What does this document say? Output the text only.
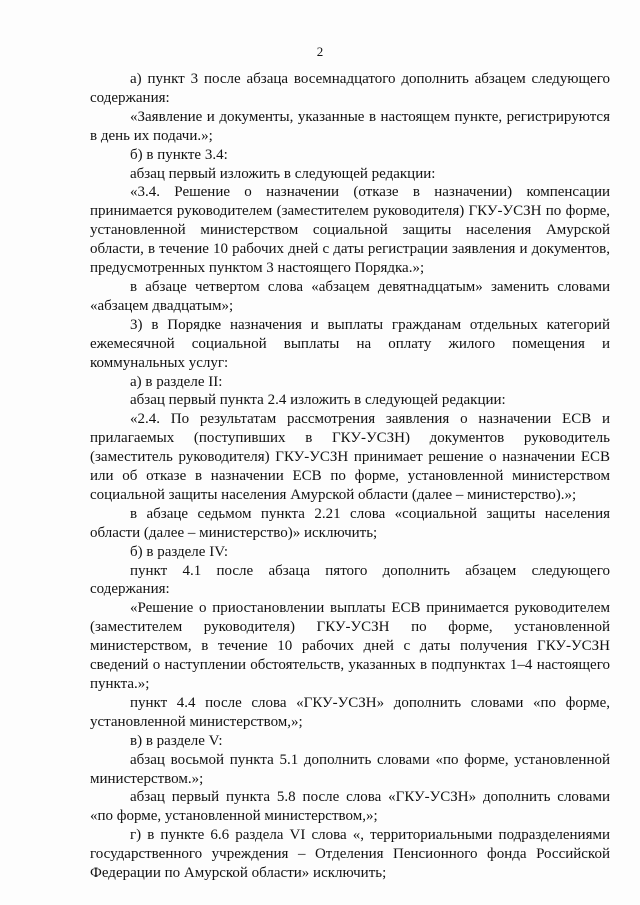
2

а) пункт 3 после абзаца восемнадцатого дополнить абзацем следующего содержания:

«Заявление и документы, указанные в настоящем пункте, регистрируются в день их подачи.»;

б) в пункте 3.4:

абзац первый изложить в следующей редакции:

«3.4. Решение о назначении (отказе в назначении) компенсации принимается руководителем (заместителем руководителя) ГКУ-УСЗН по форме, установленной министерством социальной защиты населения Амурской области, в течение 10 рабочих дней с даты регистрации заявления и документов, предусмотренных пунктом 3 настоящего Порядка.»;

в абзаце четвертом слова «абзацем девятнадцатым» заменить словами «абзацем двадцатым»;

3) в Порядке назначения и выплаты гражданам отдельных категорий ежемесячной социальной выплаты на оплату жилого помещения и коммунальных услуг:

а) в разделе II:

абзац первый пункта 2.4 изложить в следующей редакции:

«2.4. По результатам рассмотрения заявления о назначении ЕСВ и прилагаемых (поступивших в ГКУ-УСЗН) документов руководитель (заместитель руководителя) ГКУ-УСЗН принимает решение о назначении ЕСВ или об отказе в назначении ЕСВ по форме, установленной министерством социальной защиты населения Амурской области (далее – министерство).»;

в абзаце седьмом пункта 2.21 слова «социальной защиты населения области (далее – министерство)» исключить;

б) в разделе IV:

пункт 4.1 после абзаца пятого дополнить абзацем следующего содержания:

«Решение о приостановлении выплаты ЕСВ принимается руководителем (заместителем руководителя) ГКУ-УСЗН по форме, установленной министерством, в течение 10 рабочих дней с даты получения ГКУ-УСЗН сведений о наступлении обстоятельств, указанных в подпунктах 1–4 настоящего пункта.»;

пункт 4.4 после слова «ГКУ-УСЗН» дополнить словами «по форме, установленной министерством,»;

в) в разделе V:

абзац восьмой пункта 5.1 дополнить словами «по форме, установленной министерством.»;

абзац первый пункта 5.8 после слова «ГКУ-УСЗН» дополнить словами «по форме, установленной министерством,»;

г) в пункте 6.6 раздела VI слова «, территориальными подразделениями государственного учреждения – Отделения Пенсионного фонда Российской Федерации по Амурской области» исключить;
